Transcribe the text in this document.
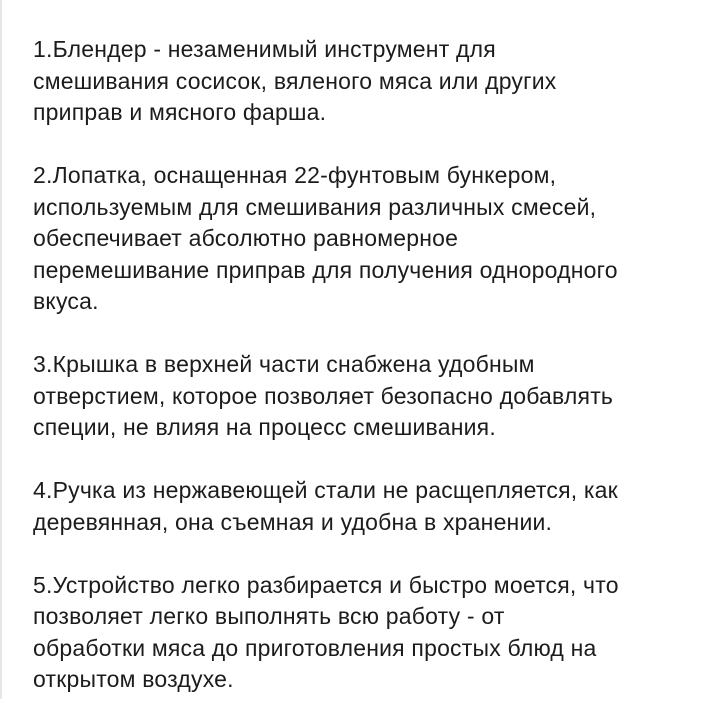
1.Блендер - незаменимый инструмент для
смешивания сосисок, вяленого мяса или других
приправ и мясного фарша.

2.Лопатка, оснащенная 22-фунтовым бункером,
используемым для смешивания различных смесей,
обеспечивает абсолютно равномерное
перемешивание приправ для получения однородного
вкуса.

3.Крышка в верхней части снабжена удобным
отверстием, которое позволяет безопасно добавлять
специи, не влияя на процесс смешивания.

4.Ручка из нержавеющей стали не расщепляется, как
деревянная, она съемная и удобна в хранении.

5.Устройство легко разбирается и быстро моется, что
позволяет легко выполнять всю работу - от
обработки мяса до приготовления простых блюд на
открытом воздухе.
